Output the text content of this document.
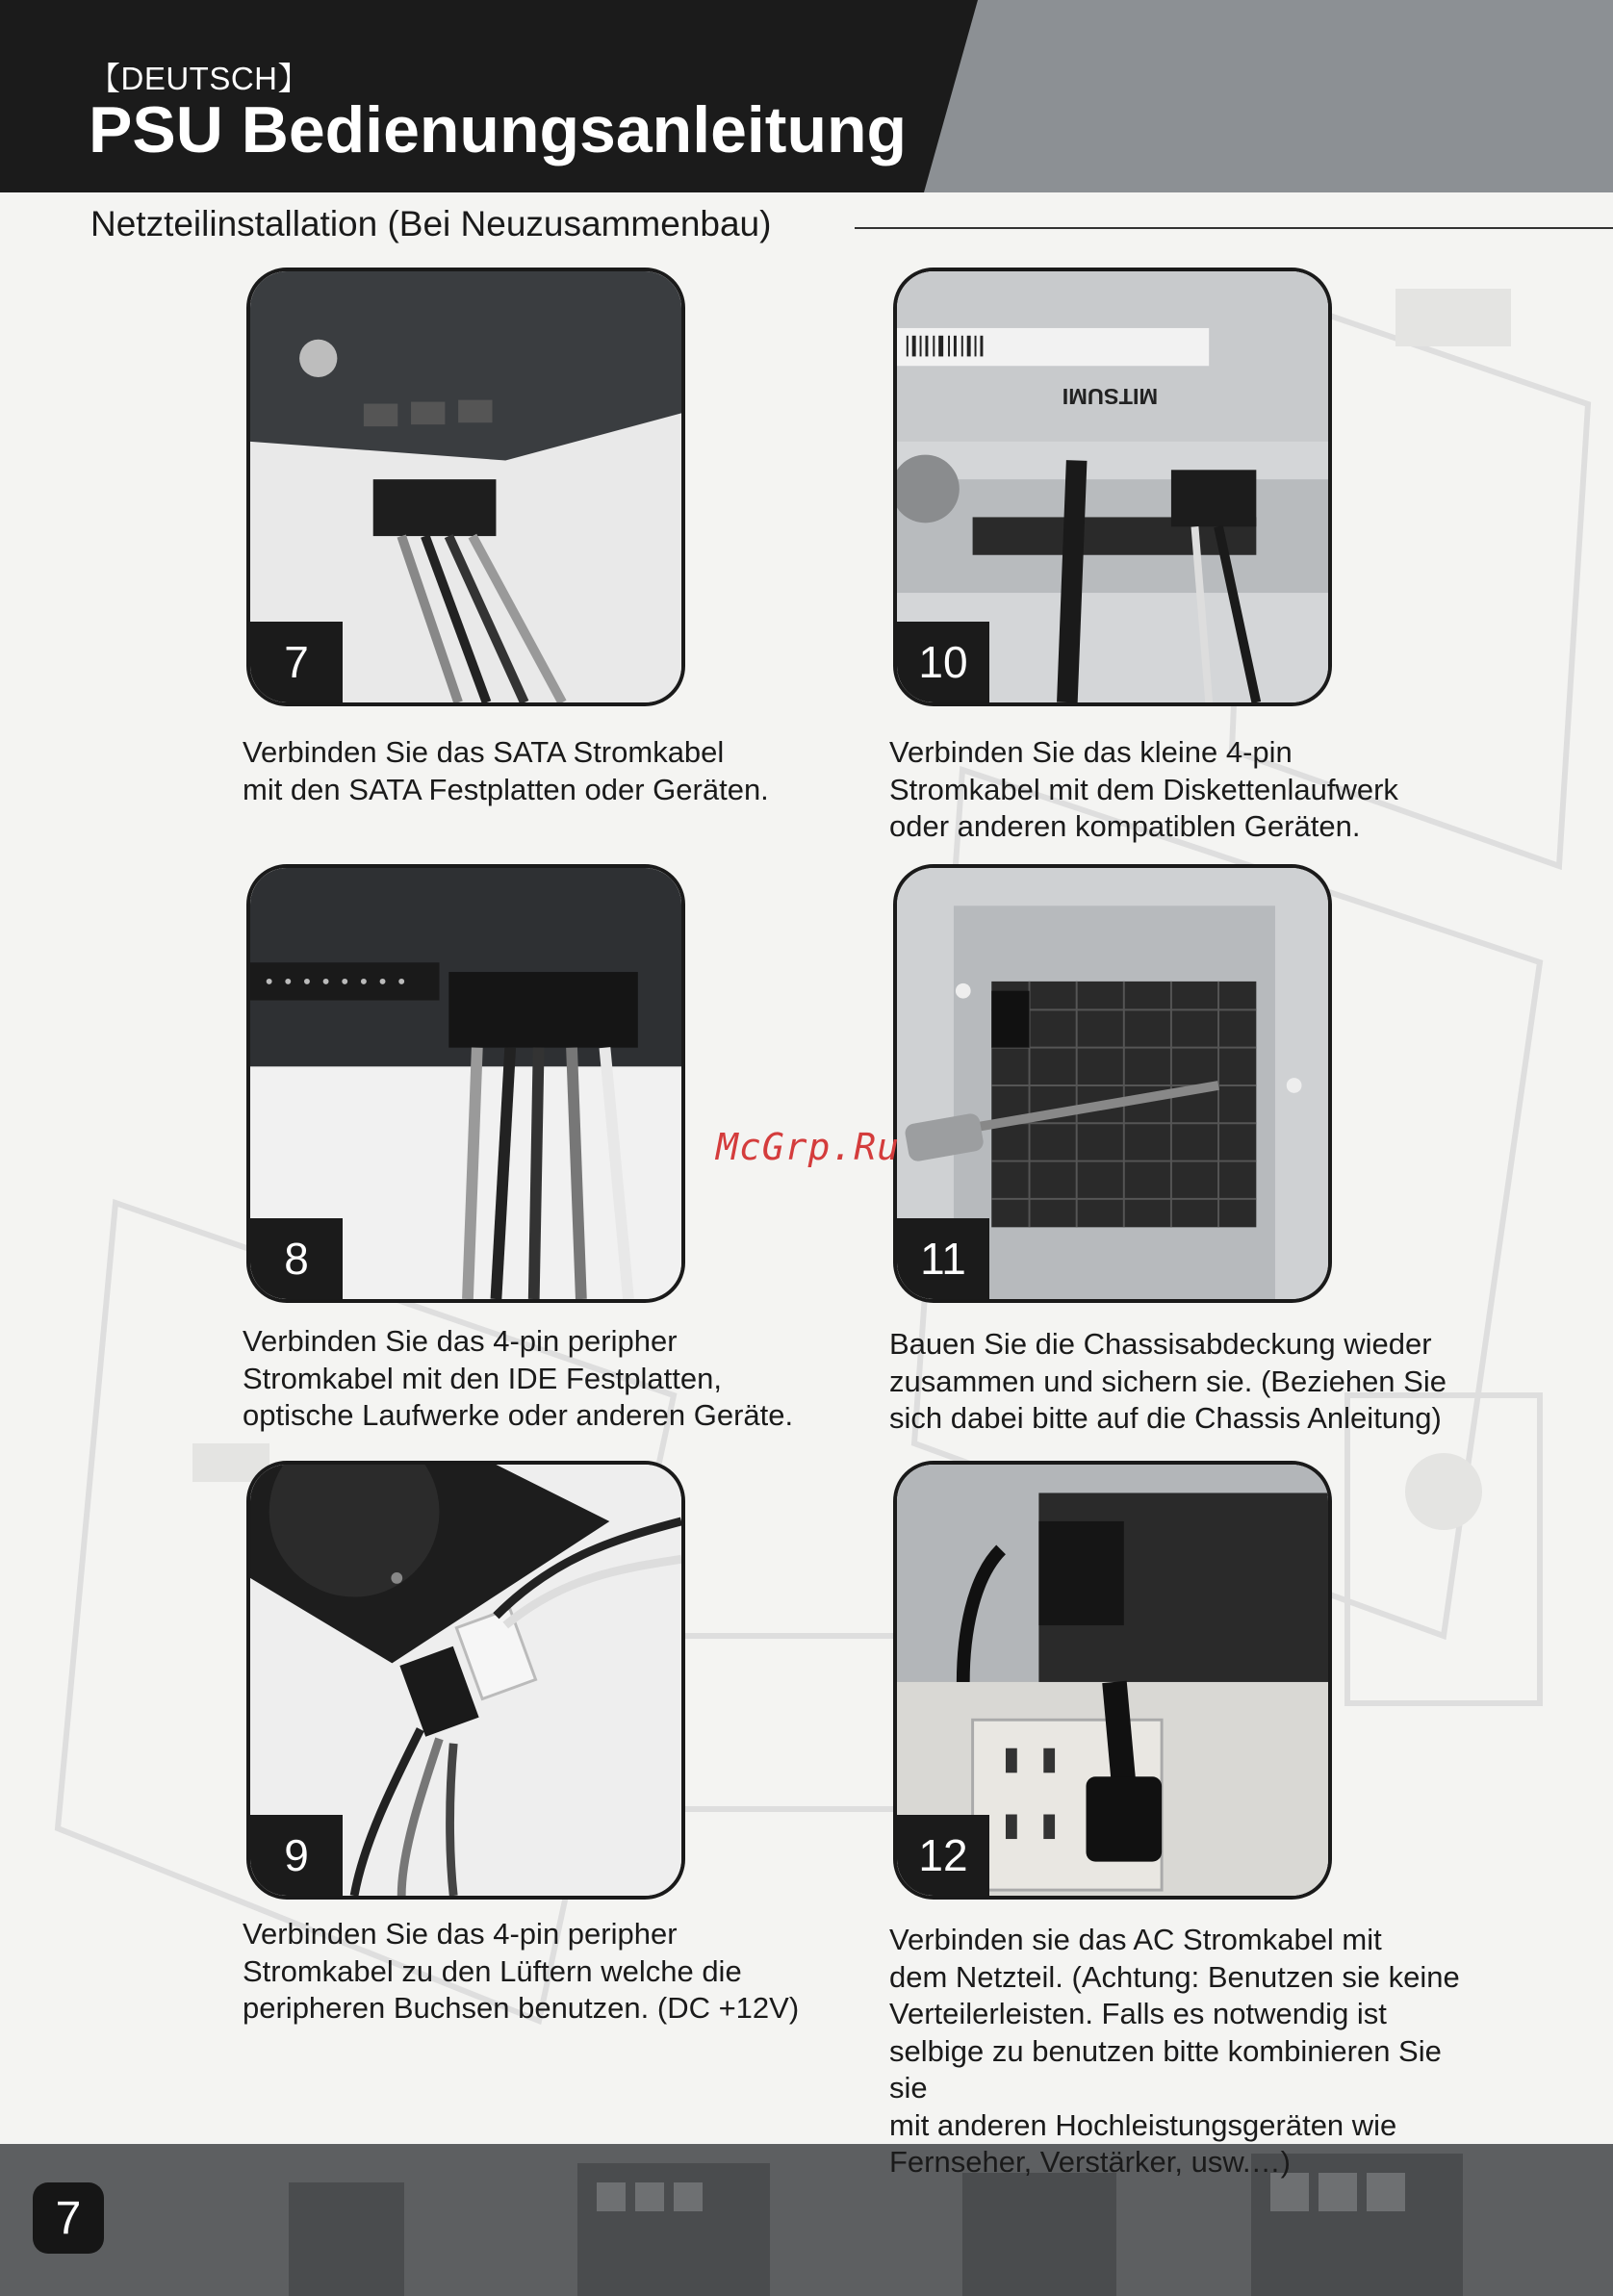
【DEUTSCH】
PSU Bedienungsanleitung
Netzteilinstallation (Bei Neuzusammenbau)
7
Verbinden Sie das SATA Stromkabel
mit den SATA Festplatten oder Geräten.
MITSUMI
10
Verbinden Sie das kleine 4-pin
Stromkabel mit dem Diskettenlaufwerk
oder anderen kompatiblen Geräten.
8
Verbinden Sie das 4-pin peripher
Stromkabel mit den IDE Festplatten,
optische Laufwerke oder anderen Geräte.
11
Bauen Sie die Chassisabdeckung wieder
zusammen und sichern sie. (Beziehen Sie
sich dabei bitte auf die Chassis Anleitung)
9
Verbinden Sie das 4-pin peripher
Stromkabel zu den Lüftern welche die
peripheren Buchsen benutzen. (DC +12V)
12
Verbinden sie das AC Stromkabel mit
dem Netzteil. (Achtung: Benutzen sie keine
Verteilerleisten. Falls es notwendig ist
selbige zu benutzen bitte kombinieren Sie sie
mit anderen Hochleistungsgeräten wie
Fernseher, Verstärker, usw.…)
McGrp.Ru
7
